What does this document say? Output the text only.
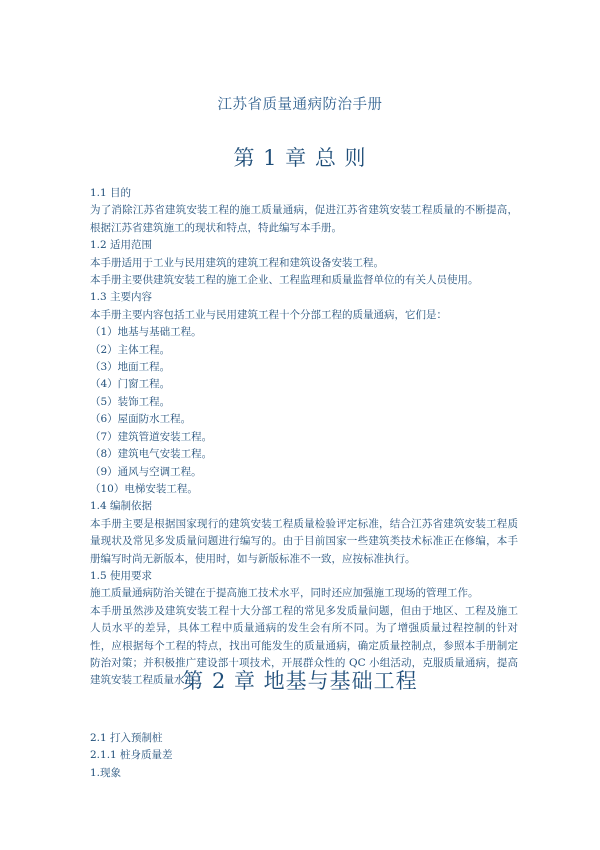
江苏省质量通病防治手册
第 1 章 总 则
1.1 目的
为了消除江苏省建筑安装工程的施工质量通病，促进江苏省建筑安装工程质量的不断提高，根据江苏省建筑施工的现状和特点，特此编写本手册。
1.2 适用范围
本手册适用于工业与民用建筑的建筑工程和建筑设备安装工程。
本手册主要供建筑安装工程的施工企业、工程监理和质量监督单位的有关人员使用。
1.3 主要内容
本手册主要内容包括工业与民用建筑工程十个分部工程的质量通病，它们是：
（1）地基与基础工程。
（2）主体工程。
（3）地面工程。
（4）门窗工程。
（5）装饰工程。
（6）屋面防水工程。
（7）建筑管道安装工程。
（8）建筑电气安装工程。
（9）通风与空调工程。
（10）电梯安装工程。
1.4 编制依据
本手册主要是根据国家现行的建筑安装工程质量检验评定标准，结合江苏省建筑安装工程质量现状及常见多发质量问题进行编写的。由于目前国家一些建筑类技术标准正在修编，本手册编写时尚无新版本，使用时，如与新版标准不一致，应按标准执行。
1.5 使用要求
施工质量通病防治关键在于提高施工技术水平，同时还应加强施工现场的管理工作。
本手册虽然涉及建筑安装工程十大分部工程的常见多发质量问题，但由于地区、工程及施工人员水平的差异，具体工程中质量通病的发生会有所不同。为了增强质量过程控制的针对性，应根据每个工程的特点，找出可能发生的质量通病，确定质量控制点，参照本手册制定防治对策；并积极推广建设部十项技术，开展群众性的 QC 小组活动，克服质量通病，提高建筑安装工程质量水平。
第 2 章 地基与基础工程
2.1 打入预制桩
2.1.1 桩身质量差
1.现象
